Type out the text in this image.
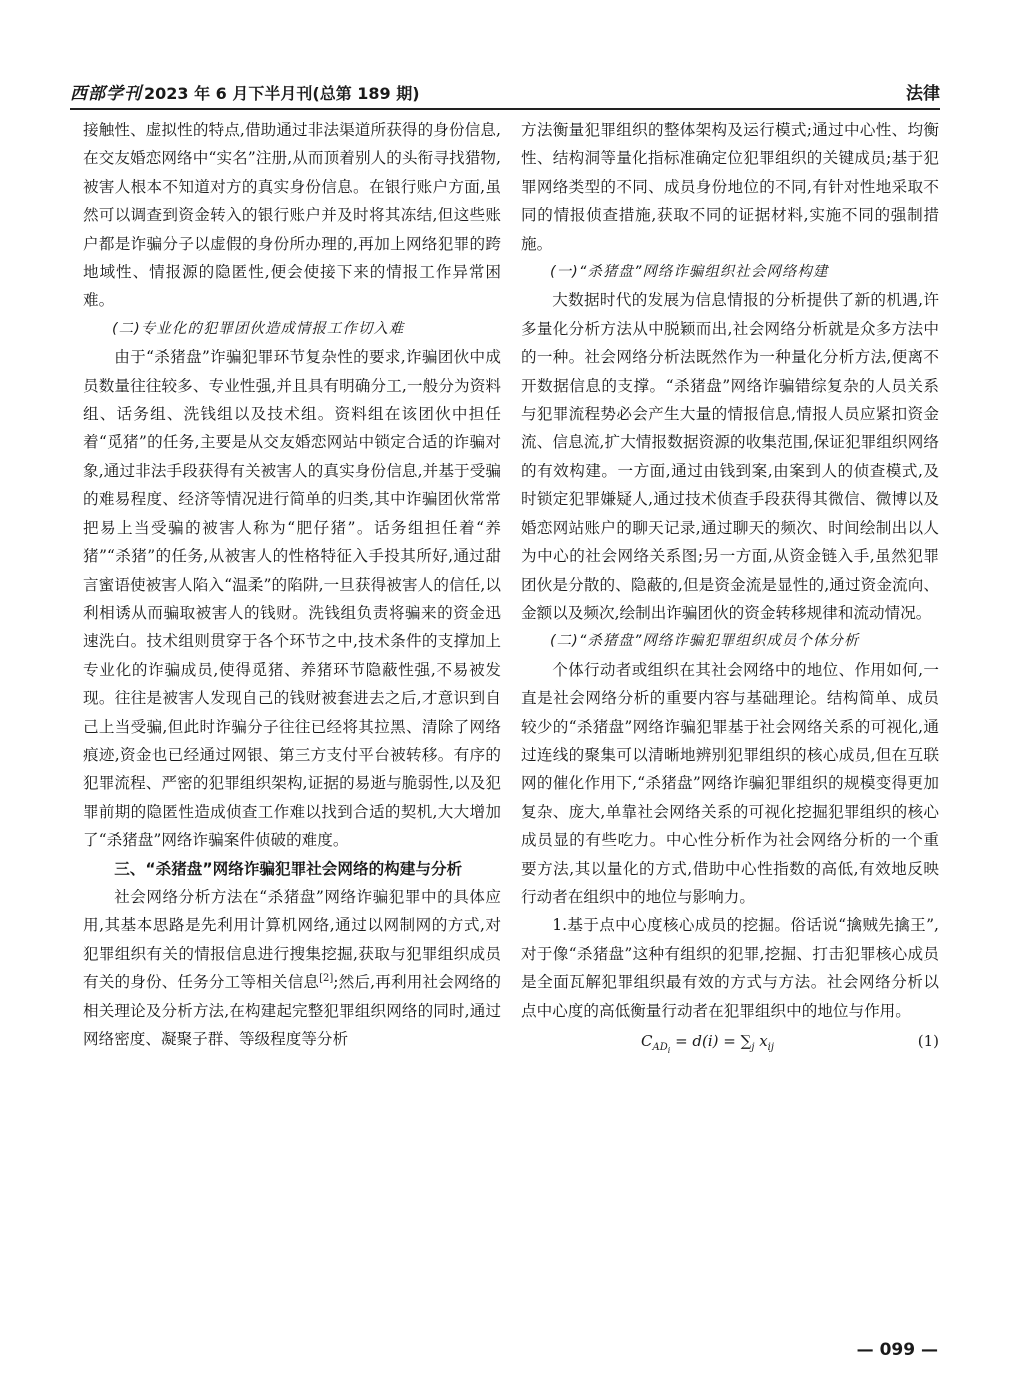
西部学刊 2023 年 6 月下半月刊(总第 189 期)	法律

接触性、虚拟性的特点,借助通过非法渠道所获得的身份信息,在交友婚恋网络中“实名”注册,从而顶着别人的头衔寻找猎物,被害人根本不知道对方的真实身份信息。在银行账户方面,虽然可以调查到资金转入的银行账户并及时将其冻结,但这些账户都是诈骗分子以虚假的身份所办理的,再加上网络犯罪的跨地域性、情报源的隐匿性,便会使接下来的情报工作异常困难。

(二)专业化的犯罪团伙造成情报工作切入难

由于“杀猪盘”诈骗犯罪环节复杂性的要求,诈骗团伙中成员数量往往较多、专业性强,并且具有明确分工,一般分为资料组、话务组、洗钱组以及技术组。资料组在该团伙中担任着“觅猪”的任务,主要是从交友婚恋网站中锁定合适的诈骗对象,通过非法手段获得有关被害人的真实身份信息,并基于受骗的难易程度、经济等情况进行简单的归类,其中诈骗团伙常常把易上当受骗的被害人称为“肥仔猪”。话务组担任着“养猪”“杀猪”的任务,从被害人的性格特征入手投其所好,通过甜言蜜语使被害人陷入“温柔”的陷阱,一旦获得被害人的信任,以利相诱从而骗取被害人的钱财。洗钱组负责将骗来的资金迅速洗白。技术组则贯穿于各个环节之中,技术条件的支撑加上专业化的诈骗成员,使得觅猪、养猪环节隐蔽性强,不易被发现。往往是被害人发现自己的钱财被套进去之后,才意识到自己上当受骗,但此时诈骗分子往往已经将其拉黑、清除了网络痕迹,资金也已经通过网银、第三方支付平台被转移。有序的犯罪流程、严密的犯罪组织架构,证据的易逝与脆弱性,以及犯罪前期的隐匿性造成侦查工作难以找到合适的契机,大大增加了“杀猪盘”网络诈骗案件侦破的难度。

三、“杀猪盘”网络诈骗犯罪社会网络的构建与分析

社会网络分析方法在“杀猪盘”网络诈骗犯罪中的具体应用,其基本思路是先利用计算机网络,通过以网制网的方式,对犯罪组织有关的情报信息进行搜集挖掘,获取与犯罪组织成员有关的身份、任务分工等相关信息[2];然后,再利用社会网络的相关理论及分析方法,在构建起完整犯罪组织网络的同时,通过网络密度、凝聚子群、等级程度等分析

方法衡量犯罪组织的整体架构及运行模式;通过中心性、均衡性、结构洞等量化指标准确定位犯罪组织的关键成员;基于犯罪网络类型的不同、成员身份地位的不同,有针对性地采取不同的情报侦查措施,获取不同的证据材料,实施不同的强制措施。

(一)“杀猪盘”网络诈骗组织社会网络构建

大数据时代的发展为信息情报的分析提供了新的机遇,许多量化分析方法从中脱颖而出,社会网络分析就是众多方法中的一种。社会网络分析法既然作为一种量化分析方法,便离不开数据信息的支撑。“杀猪盘”网络诈骗错综复杂的人员关系与犯罪流程势必会产生大量的情报信息,情报人员应紧扣资金流、信息流,扩大情报数据资源的收集范围,保证犯罪组织网络的有效构建。一方面,通过由钱到案,由案到人的侦查模式,及时锁定犯罪嫌疑人,通过技术侦查手段获得其微信、微博以及婚恋网站账户的聊天记录,通过聊天的频次、时间绘制出以人为中心的社会网络关系图;另一方面,从资金链入手,虽然犯罪团伙是分散的、隐蔽的,但是资金流是显性的,通过资金流向、金额以及频次,绘制出诈骗团伙的资金转移规律和流动情况。

(二)“杀猪盘”网络诈骗犯罪组织成员个体分析

个体行动者或组织在其社会网络中的地位、作用如何,一直是社会网络分析的重要内容与基础理论。结构简单、成员较少的“杀猪盘”网络诈骗犯罪基于社会网络关系的可视化,通过连线的聚集可以清晰地辨别犯罪组织的核心成员,但在互联网的催化作用下,“杀猪盘”网络诈骗犯罪组织的规模变得更加复杂、庞大,单靠社会网络关系的可视化挖掘犯罪组织的核心成员显的有些吃力。中心性分析作为社会网络分析的一个重要方法,其以量化的方式,借助中心性指数的高低,有效地反映行动者在组织中的地位与影响力。

1.基于点中心度核心成员的挖掘。俗话说“擒贼先擒王”,对于像“杀猪盘”这种有组织的犯罪,挖掘、打击犯罪核心成员是全面瓦解犯罪组织最有效的方式与方法。社会网络分析以点中心度的高低衡量行动者在犯罪组织中的地位与作用。

$C_{AD_i} = d(i) = \sum_j$ $x_{ij}$	(1)
— 099 —
